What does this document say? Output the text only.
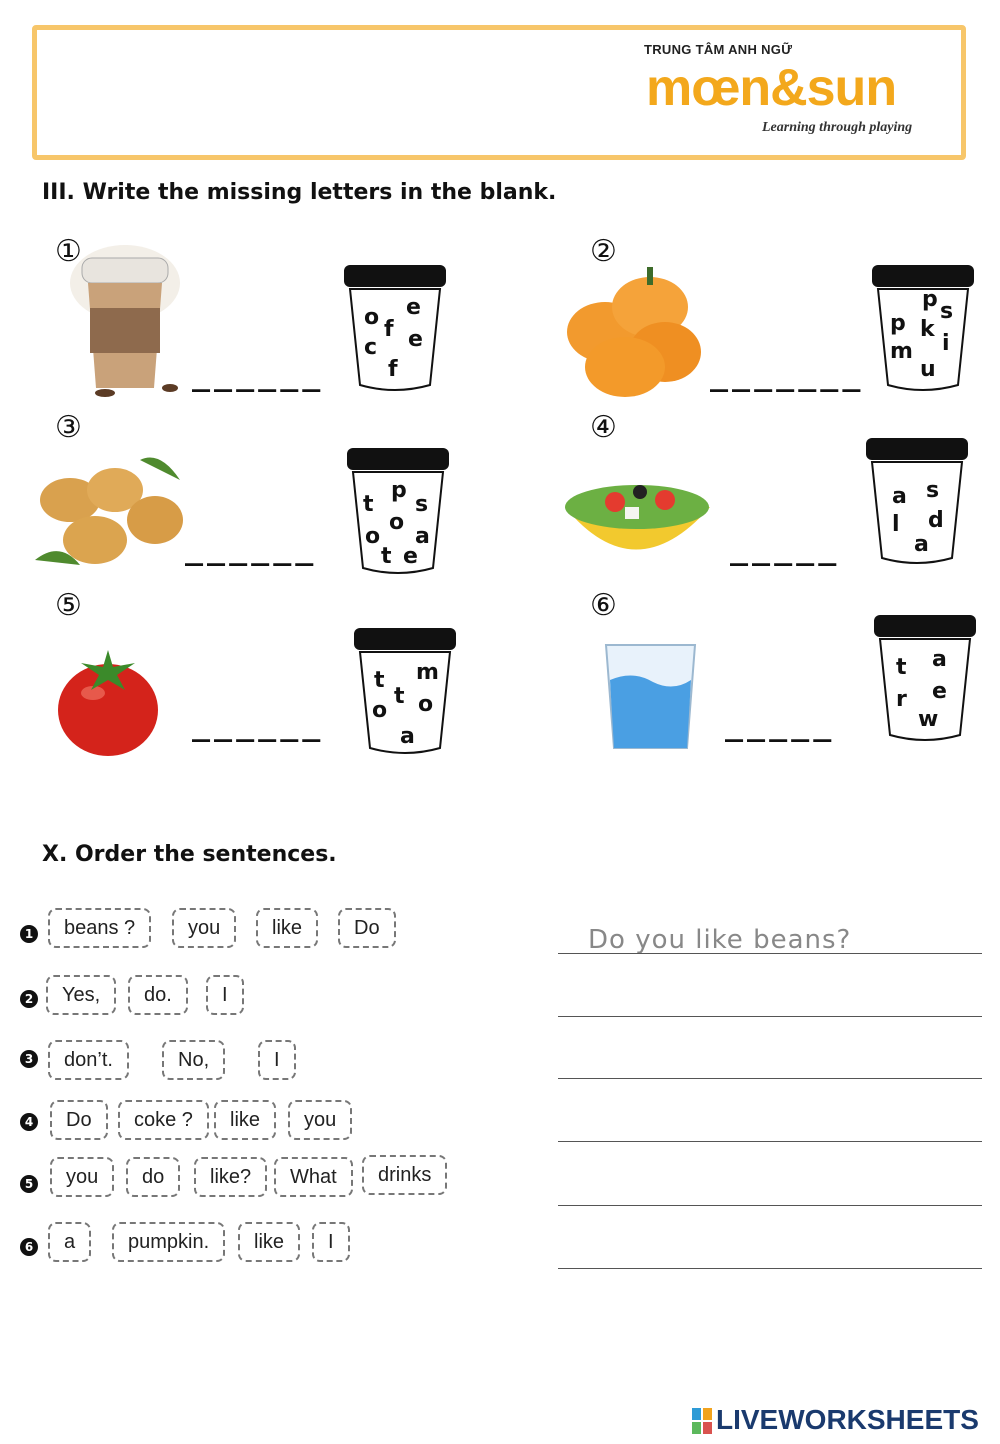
TRUNG TÂM ANH NGỮ
mœn&sun
Learning through playing
III. Write the missing letters in the blank.
①
______
e
o f e
c
f
②
_______
p s
p k
i
m
u
③
______
p
t s
o
o a
t e
④
_____
s
a
d
l
a
⑤
______
m
t
t
o o
a
⑥
_____
a
t
e
r
w
X. Order the sentences.
1	beans ?	you	like	Do	Do you like beans?
2	Yes,	do.	I
3	don’t.	No,	I
4	Do	coke ?	like	you
5	you	do	like?	What	drinks
6	a	pumpkin.	like	I
LIVEWORKSHEETS
